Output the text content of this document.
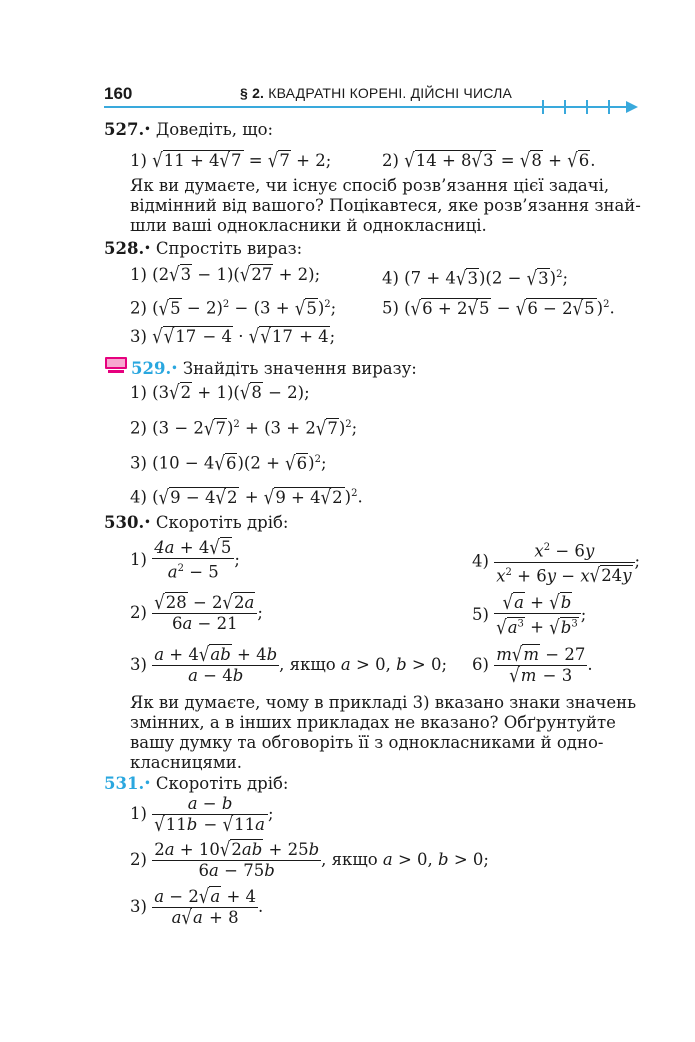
160	§ 2. КВАДРАТНІ КОРЕНІ. ДІЙСНІ ЧИСЛА
527.• Доведіть, що:
1) √11 + 4√7 = √7 + 2;	2) √14 + 8√3 = √8 + √6.
Як ви думаєте, чи існує спосіб розв’язання цієї задачі,
відмінний від вашого? Поцікавтеся, яке розв’язання знай-
шли ваші однокласники й однокласниці.
528.• Спростіть вираз:
1) (2√3 − 1)(√27 + 2);	4) $(7 + 4√3)(2 - √3)^2$;
2) $(√5 - 2)^2 - (3 + √5)^2$;	5) (√6 + 2√5 − √6 − 2√5 )$^2$.
3) √√17 − 4 · √√17 + 4;
529.• Знайдіть значення виразу:
1) (3√2 + 1)(√8 − 2);
2) $(3 - 2√7)^2 + (3 + 2√7)^2$;
3) $(10 - 4√6)(2 + √6)^2$;
4) (√9 − 4√2 + √9 + 4√2 )$^2$.
530.• Скоротіть дріб:
$1) \frac{4a + 4√5}{a^2 - 5}$ ;	$4) \frac{x^2 - 6y}{x^2 + 6y - x√24y}$ ;
$2) \frac{√28 - 2√2a}{6a - 21}$ ;	$5) \frac{√a + √b}{√a^3 + √b^3}$ ;
$3) \frac{a + 4√ab + 4b}{a - 4b}$ , якщо a > 0, b > 0; $6) \frac{m√m - 27}{√m - 3}$ .
Як ви думаєте, чому в прикладі 3) вказано знаки значень
змінних, а в інших прикладах не вказано? Обґрунтуйте
вашу думку та обговоріть її з однокласниками й одно-
класницями.
531.• Скоротіть дріб:
$1) \frac{a - b}{√11b - √11a}$ ;
$2) \frac{2a + 10√2ab + 25b}{6a - 75b}$ , якщо a > 0, b > 0;
$3) \frac{a - 2√a + 4}{a√a + 8}$ .
